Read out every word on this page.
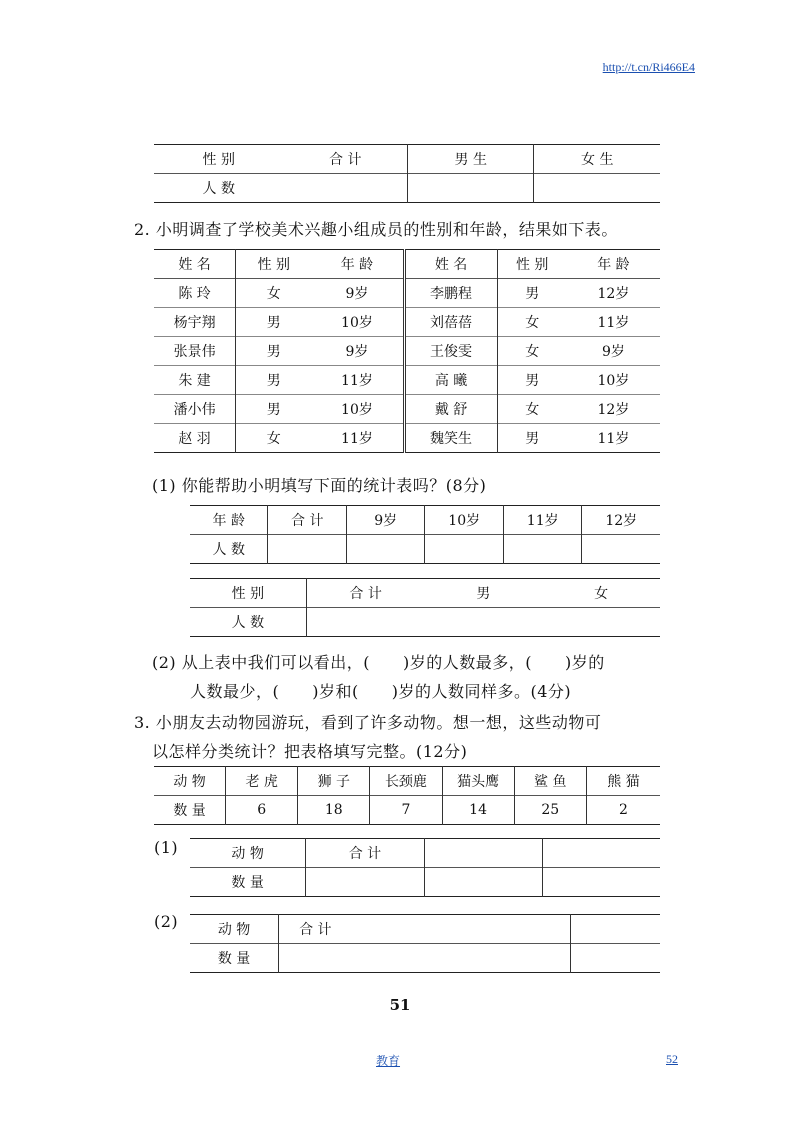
http://t.cn/Ri466E4
性 别	合 计	男 生	女 生
人 数			
2. 小明调查了学校美术兴趣小组成员的性别和年龄，结果如下表。
姓 名	性 别	年 龄	姓 名	性 别	年 龄
陈 玲	女	9岁	李鹏程	男	12岁
杨宇翔	男	10岁	刘蓓蓓	女	11岁
张景伟	男	9岁	王俊雯	女	9岁
朱 建	男	11岁	高 曦	男	10岁
潘小伟	男	10岁	戴 舒	女	12岁
赵 羽	女	11岁	魏笑生	男	11岁
(1) 你能帮助小明填写下面的统计表吗？(8分)
年 龄	合 计	9岁	10岁	11岁	12岁
人 数					
性 别	合 计	男	女
人 数			
(2) 从上表中我们可以看出，(　　)岁的人数最多，(　　)岁的
人数最少，(　　)岁和(　　)岁的人数同样多。(4分)
3. 小朋友去动物园游玩，看到了许多动物。想一想，这些动物可
以怎样分类统计？把表格填写完整。(12分)
动 物	老 虎	狮 子	长颈鹿	猫头鹰	鲨 鱼	熊 猫
数 量	6	18	7	14	25	2
(1)	动 物	合 计		
数 量			
(2)	动 物	合 计	
数 量		
51
教育	52
